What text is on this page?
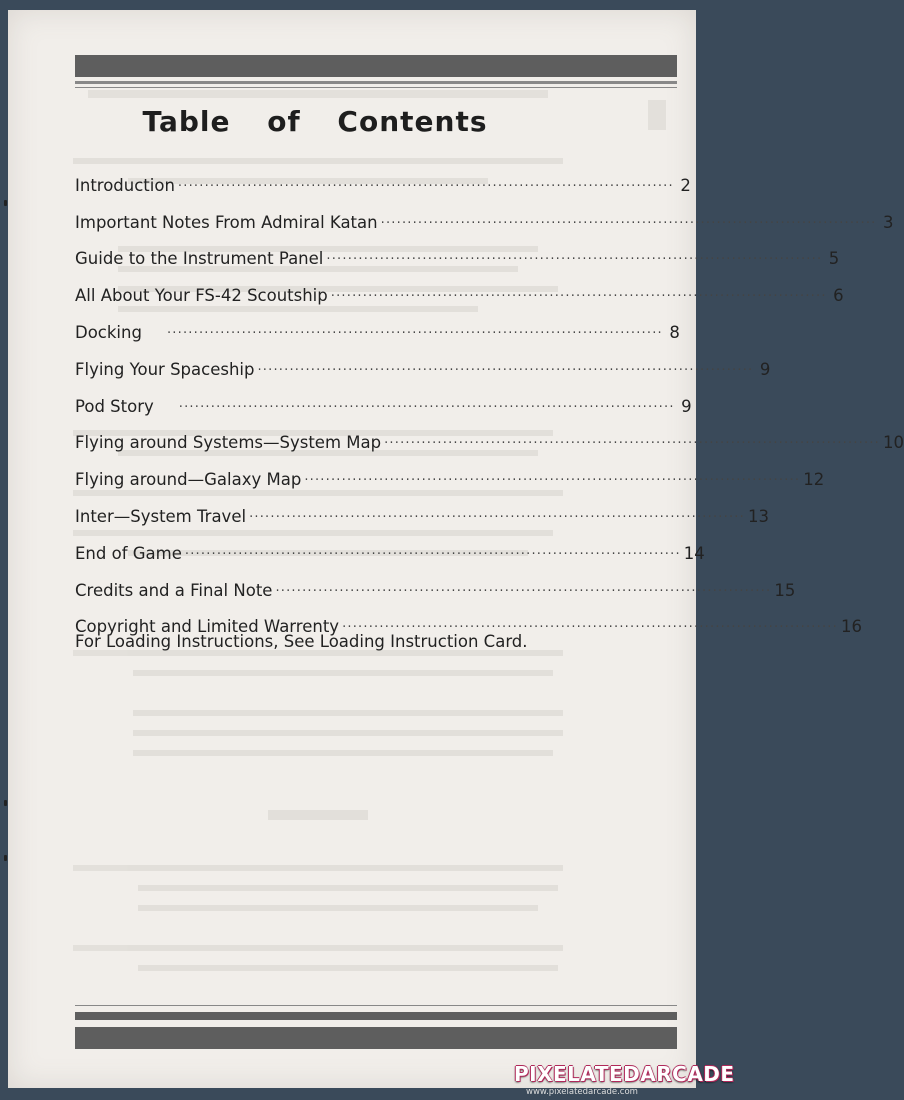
Table of Contents
Introduction ............................................................................................. 2
Important Notes From Admiral Katan ............................................................................................. 3
Guide to the Instrument Panel ............................................................................................. 5
All About Your FS-42 Scoutship ............................................................................................. 6
Docking ............................................................................................. 8
Flying Your Spaceship ............................................................................................. 9
Pod Story ............................................................................................. 9
Flying around Systems—System Map ............................................................................................. 10
Flying around—Galaxy Map ............................................................................................. 12
Inter—System Travel ............................................................................................. 13
End of Game ............................................................................................. 14
Credits and a Final Note ............................................................................................. 15
Copyright and Limited Warrenty ............................................................................................. 16
For Loading Instructions, See Loading Instruction Card.
PIXELATEDARCADE
www.pixelatedarcade.com
